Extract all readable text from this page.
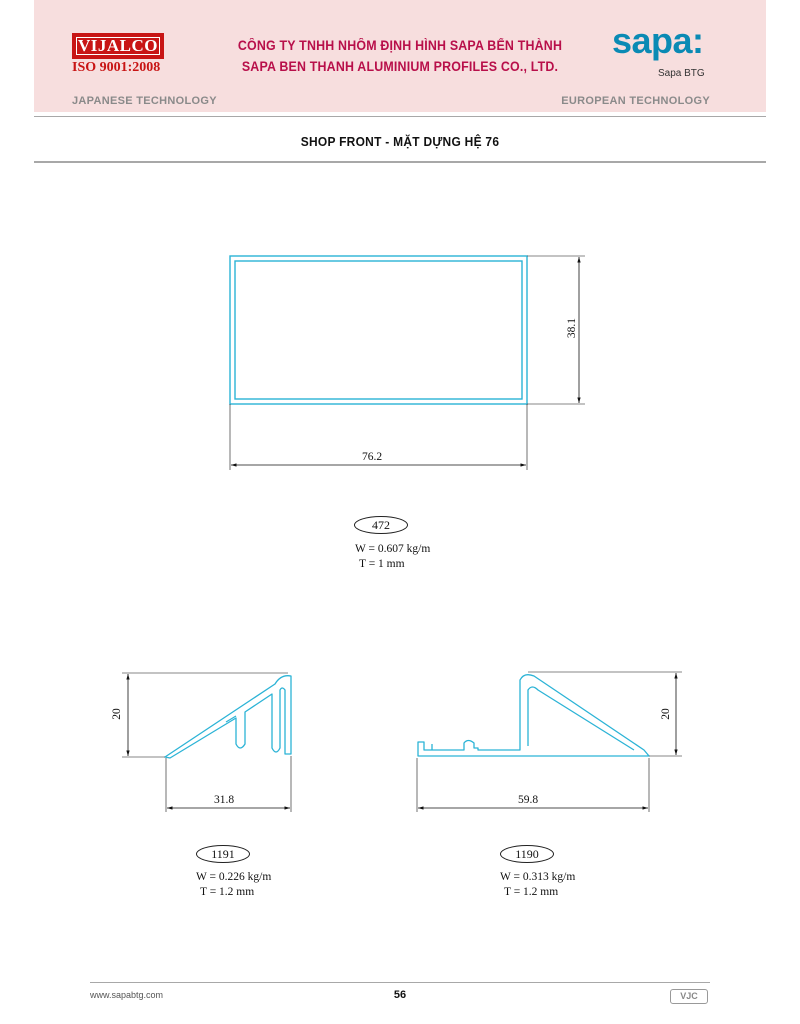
VIJALCO
ISO 9001:2008
CÔNG TY TNHH NHÔM ĐỊNH HÌNH SAPA BẾN THÀNH
SAPA BEN THANH ALUMINIUM PROFILES CO., LTD.
sapa:
Sapa BTG
JAPANESE TECHNOLOGY	EUROPEAN TECHNOLOGY
SHOP FRONT - MẶT DỰNG HỆ 76
38.1
76.2
20
31.8
20
59.8
472
W = 0.607 kg/m
T = 1 mm
1191
W = 0.226 kg/m
T = 1.2 mm
1190
W = 0.313 kg/m
T = 1.2 mm
www.sapabtg.com	56	VJC
